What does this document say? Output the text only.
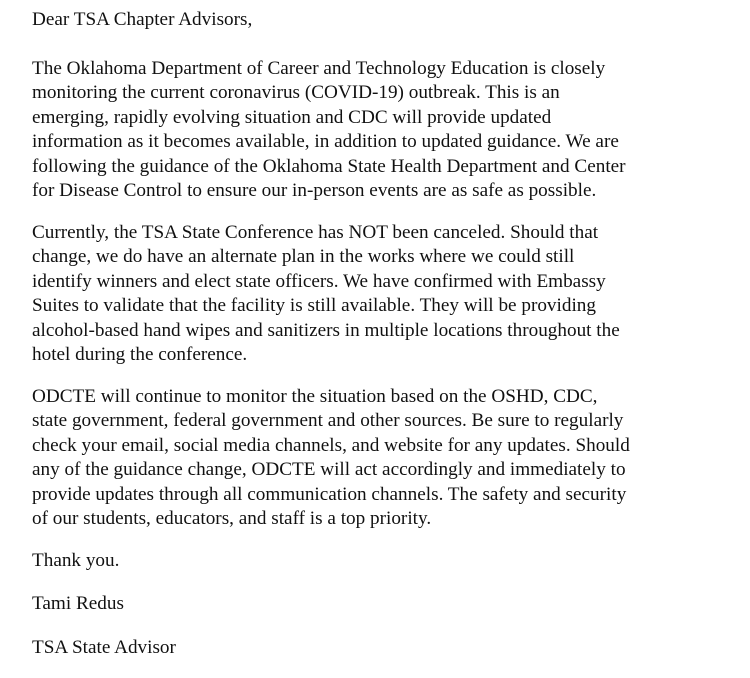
Dear TSA Chapter Advisors,

The Oklahoma Department of Career and Technology Education is closely
monitoring the current coronavirus (COVID-19) outbreak. This is an
emerging, rapidly evolving situation and CDC will provide updated
information as it becomes available, in addition to updated guidance. We are
following the guidance of the Oklahoma State Health Department and Center
for Disease Control to ensure our in-person events are as safe as possible.

Currently, the TSA State Conference has NOT been canceled. Should that
change, we do have an alternate plan in the works where we could still
identify winners and elect state officers. We have confirmed with Embassy
Suites to validate that the facility is still available. They will be providing
alcohol-based hand wipes and sanitizers in multiple locations throughout the
hotel during the conference.

ODCTE will continue to monitor the situation based on the OSHD, CDC,
state government, federal government and other sources. Be sure to regularly
check your email, social media channels, and website for any updates. Should
any of the guidance change, ODCTE will act accordingly and immediately to
provide updates through all communication channels. The safety and security
of our students, educators, and staff is a top priority.

Thank you.

Tami Redus

TSA State Advisor
